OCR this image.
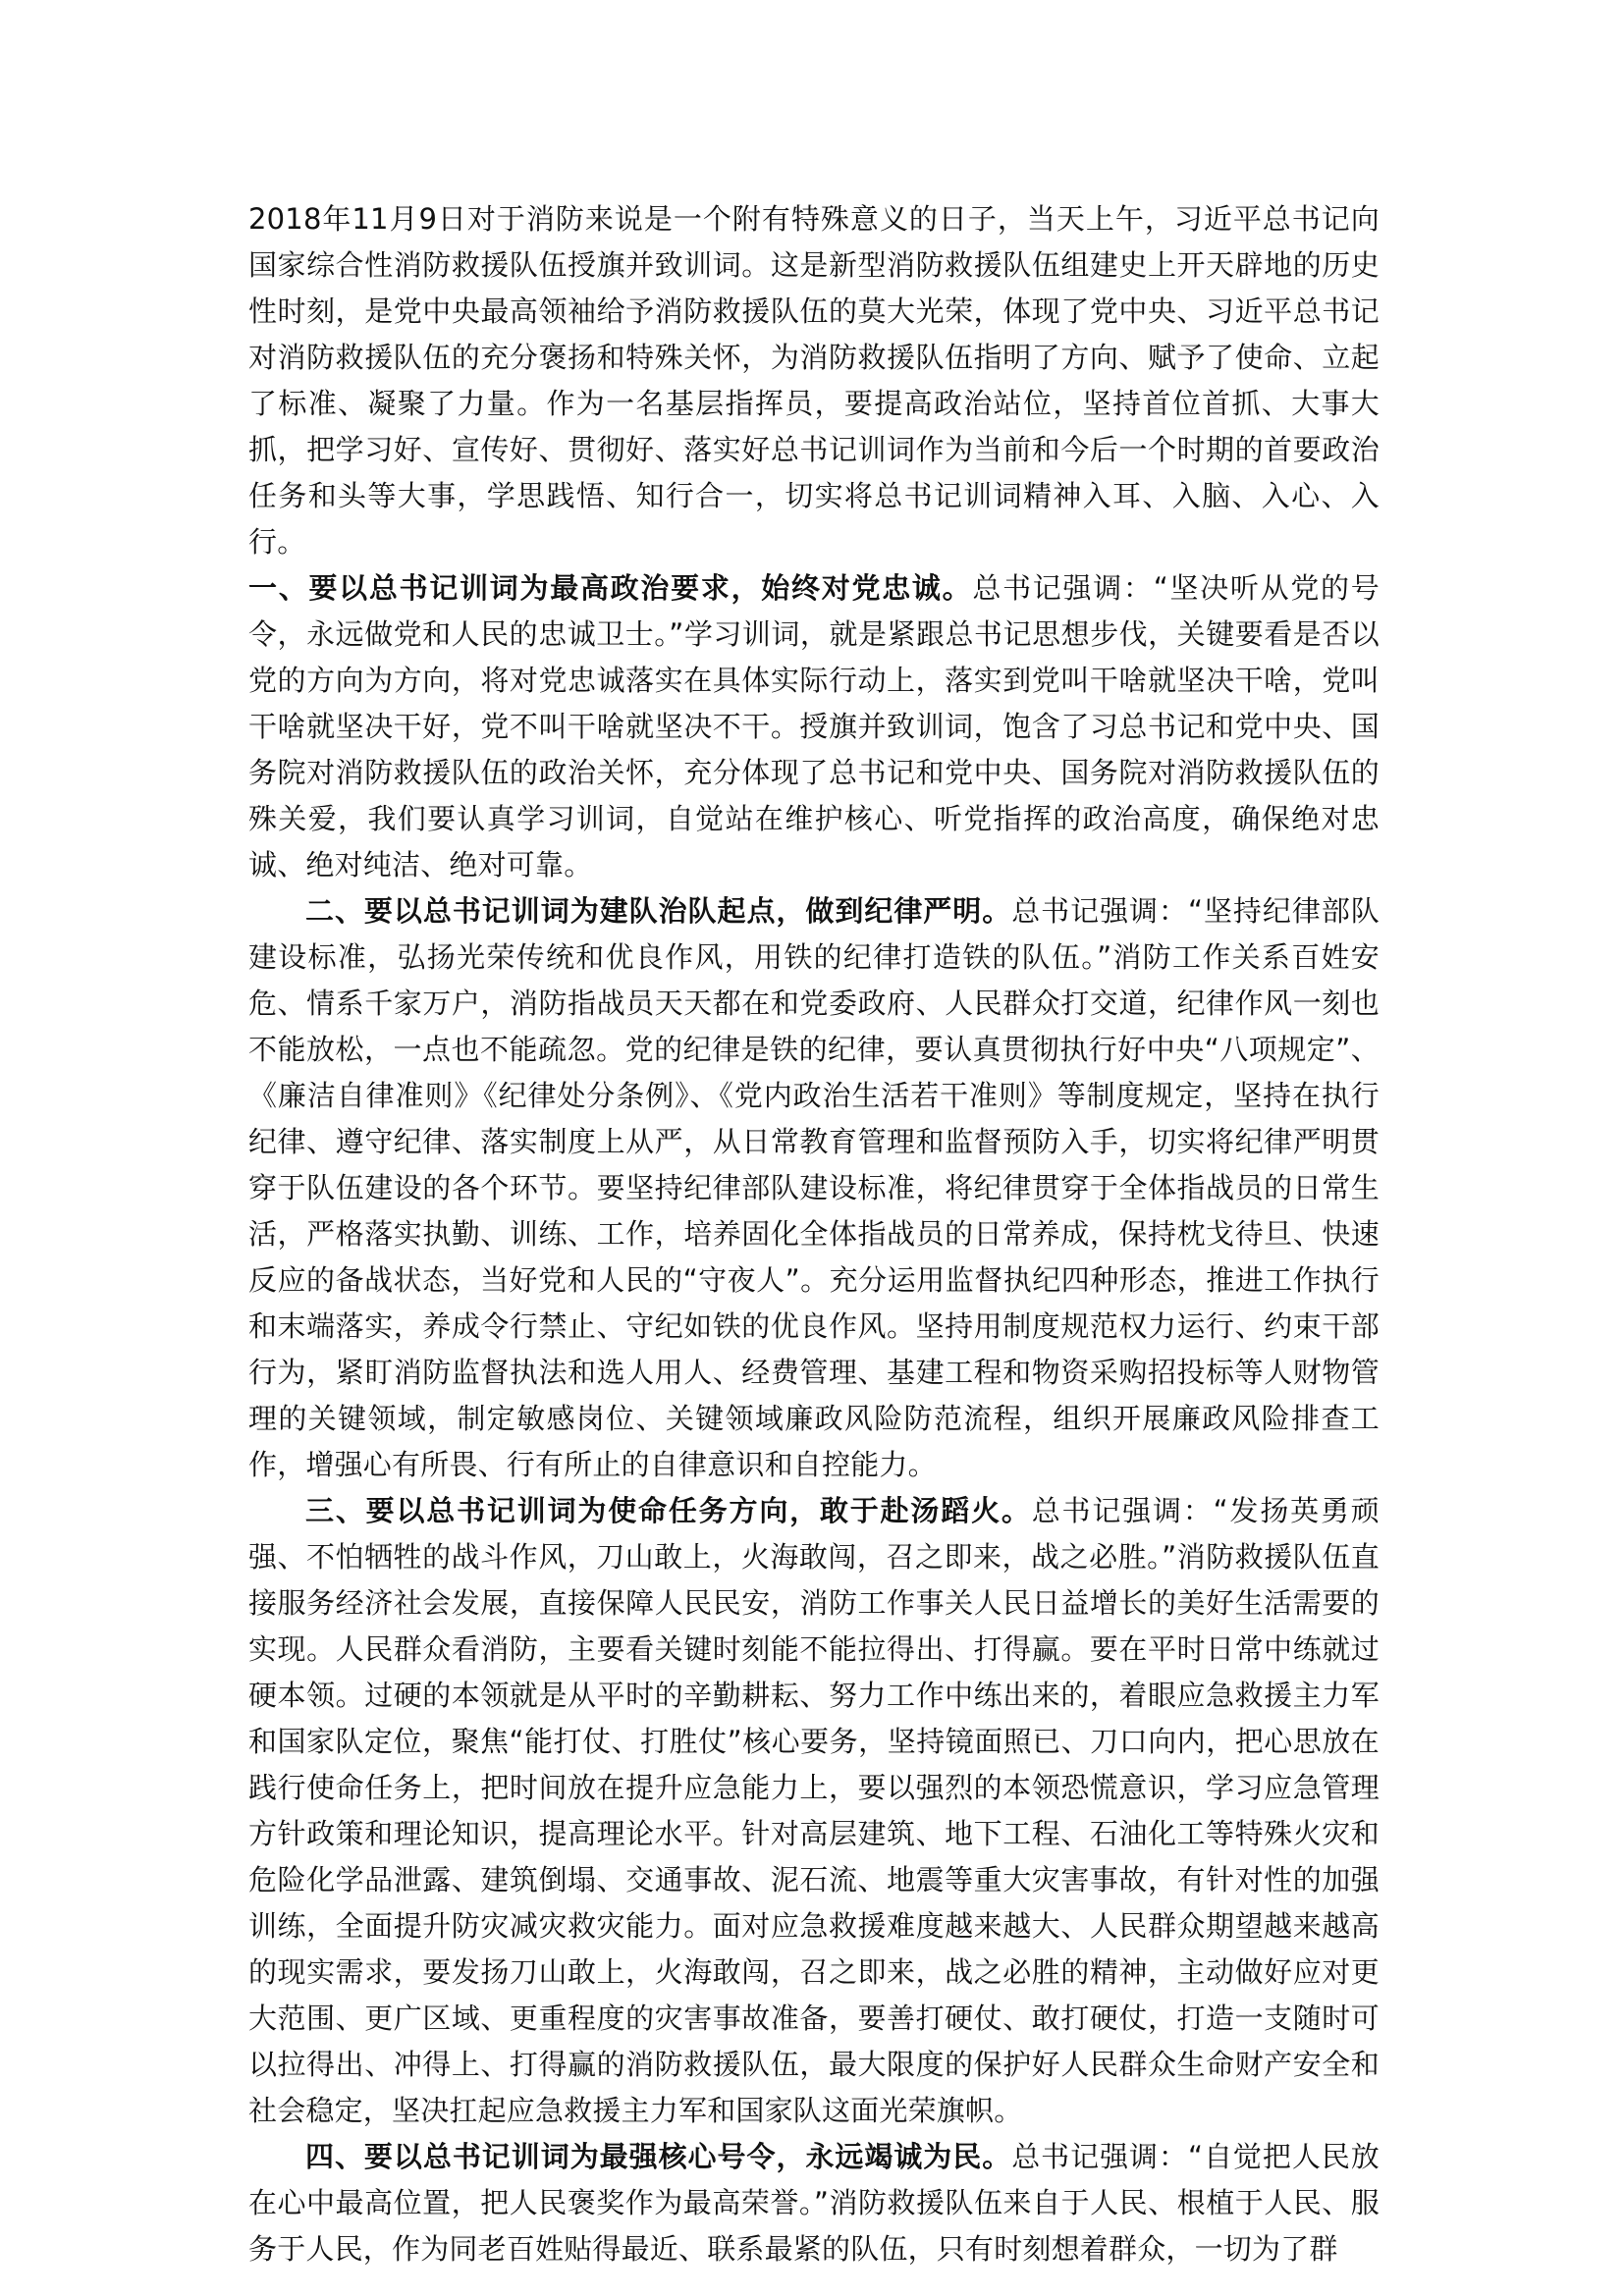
2018年11月9日对于消防来说是一个附有特殊意义的日子，当天上午，习近平总书记向国家综合性消防救援队伍授旗并致训词。这是新型消防救援队伍组建史上开天辟地的历史性时刻，是党中央最高领袖给予消防救援队伍的莫大光荣，体现了党中央、习近平总书记对消防救援队伍的充分褒扬和特殊关怀，为消防救援队伍指明了方向、赋予了使命、立起了标准、凝聚了力量。作为一名基层指挥员，要提高政治站位，坚持首位首抓、大事大抓，把学习好、宣传好、贯彻好、落实好总书记训词作为当前和今后一个时期的首要政治任务和头等大事，学思践悟、知行合一，切实将总书记训词精神入耳、入脑、入心、入行。

一、要以总书记训词为最高政治要求，始终对党忠诚。总书记强调：“坚决听从党的号令，永远做党和人民的忠诚卫士。”学习训词，就是紧跟总书记思想步伐，关键要看是否以党的方向为方向，将对党忠诚落实在具体实际行动上，落实到党叫干啥就坚决干啥，党叫干啥就坚决干好，党不叫干啥就坚决不干。授旗并致训词，饱含了习总书记和党中央、国务院对消防救援队伍的政治关怀，充分体现了总书记和党中央、国务院对消防救援队伍的殊关爱，我们要认真学习训词，自觉站在维护核心、听党指挥的政治高度，确保绝对忠诚、绝对纯洁、绝对可靠。

二、要以总书记训词为建队治队起点，做到纪律严明。总书记强调：“坚持纪律部队建设标准，弘扬光荣传统和优良作风，用铁的纪律打造铁的队伍。”消防工作关系百姓安危、情系千家万户，消防指战员天天都在和党委政府、人民群众打交道，纪律作风一刻也不能放松，一点也不能疏忽。党的纪律是铁的纪律，要认真贯彻执行好中央“八项规定”、《廉洁自律准则》《纪律处分条例》、《党内政治生活若干准则》等制度规定，坚持在执行纪律、遵守纪律、落实制度上从严，从日常教育管理和监督预防入手，切实将纪律严明贯穿于队伍建设的各个环节。要坚持纪律部队建设标准，将纪律贯穿于全体指战员的日常生活，严格落实执勤、训练、工作，培养固化全体指战员的日常养成，保持枕戈待旦、快速反应的备战状态，当好党和人民的“守夜人”。充分运用监督执纪四种形态，推进工作执行和末端落实，养成令行禁止、守纪如铁的优良作风。坚持用制度规范权力运行、约束干部行为，紧盯消防监督执法和选人用人、经费管理、基建工程和物资采购招投标等人财物管理的关键领域，制定敏感岗位、关键领域廉政风险防范流程，组织开展廉政风险排查工作，增强心有所畏、行有所止的自律意识和自控能力。

三、要以总书记训词为使命任务方向，敢于赴汤蹈火。总书记强调：“发扬英勇顽强、不怕牺牲的战斗作风，刀山敢上，火海敢闯，召之即来，战之必胜。”消防救援队伍直接服务经济社会发展，直接保障人民民安，消防工作事关人民日益增长的美好生活需要的实现。人民群众看消防，主要看关键时刻能不能拉得出、打得赢。要在平时日常中练就过硬本领。过硬的本领就是从平时的辛勤耕耘、努力工作中练出来的，着眼应急救援主力军和国家队定位，聚焦“能打仗、打胜仗”核心要务，坚持镜面照已、刀口向内，把心思放在践行使命任务上，把时间放在提升应急能力上，要以强烈的本领恐慌意识，学习应急管理方针政策和理论知识，提高理论水平。针对高层建筑、地下工程、石油化工等特殊火灾和危险化学品泄露、建筑倒塌、交通事故、泥石流、地震等重大灾害事故，有针对性的加强训练，全面提升防灾减灾救灾能力。面对应急救援难度越来越大、人民群众期望越来越高的现实需求，要发扬刀山敢上，火海敢闯，召之即来，战之必胜的精神，主动做好应对更大范围、更广区域、更重程度的灾害事故准备，要善打硬仗、敢打硬仗，打造一支随时可以拉得出、冲得上、打得赢的消防救援队伍，最大限度的保护好人民群众生命财产安全和社会稳定，坚决扛起应急救援主力军和国家队这面光荣旗帜。

四、要以总书记训词为最强核心号令，永远竭诚为民。总书记强调：“自觉把人民放在心中最高位置，把人民褒奖作为最高荣誉。”消防救援队伍来自于人民、根植于人民、服务于人民，作为同老百姓贴得最近、联系最紧的队伍，只有时刻想着群众，一切为了群
